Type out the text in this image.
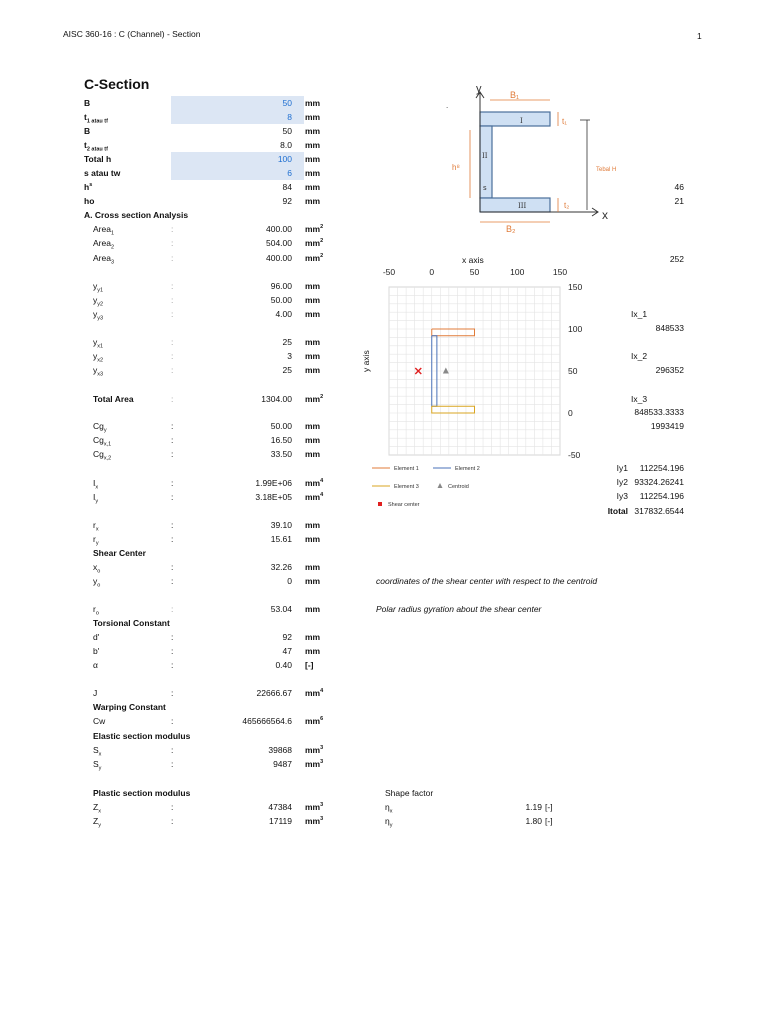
AISC 360-16 : C (Channel) - Section	1
C-Section
B	50 mm
$t_{1 atau tf}$	8 mm
B	50 mm
$t_{2 atau tf}$	8.0 mm
Total h	100 mm
s atau tw	6 mm
$h^s$	84 mm
ho	92 mm
A. Cross section Analysis
Shear Center
Torsional Constant
Warping Constant
Elastic section modulus
Plastic section modulus
Area$_1$	:	400.00 $mm^2$
Area$_2$	:	504.00 $mm^2$
Area$_3$	:	400.00 $mm^2$
$y_{y1}$	:	96.00 mm
$y_{y2}$	:	50.00 mm
$y_{y3}$	:	4.00 mm
$y_{x1}$	:	25 mm
$y_{x2}$	:	3 mm
$y_{x3}$	:	25 mm
Total Area	:	1304.00 $mm^2$
$Cg_y$	:	50.00 mm
$Cg_{x,1}$	:	16.50 mm
$Cg_{x,2}$	:	33.50 mm
$I_x$	:	1.99E+06 $mm^4$
$I_y$	:	3.18E+05 $mm^4$
$r_x$	:	39.10 mm
$r_y$	:	15.61 mm
$x_o$	:	32.26 mm
$y_o$	:	0 mm
$r_o$	:	53.04 mm
d'	:	92 mm
b'	:	47 mm
α	:	0.40 [-]
J	:	22666.67 $mm^4$
Cw	:	465666564.6 $mm^6$
$S_x$	:	39868 $mm^3$
$S_y$	:	9487 $mm^3$
$Z_x$	:	47384 $mm^3$
$Z_y$	:	17119 $mm^3$
y
x
B₁
B₂
t₁
t₂
h⁸
I
II
s
III
Tebal H
.
46
21
252
Ix_1
848533
Ix_2
296352
Ix_3
848533.3333
1993419
Iy1 112254.196
Iy2 93324.26241
Iy3 112254.196
Itotal 317832.6544
x axis
y axis
-50	0	50	100	150
150
100
50
0
-50
Element 1	Element 2
Element 3	Centroid
Shear center
coordinates of the shear center with respect to the centroid
Polar radius gyration about the shear center
Shape factor
$\eta_x$	1.19 [-]
$\eta_y$	1.80 [-]
